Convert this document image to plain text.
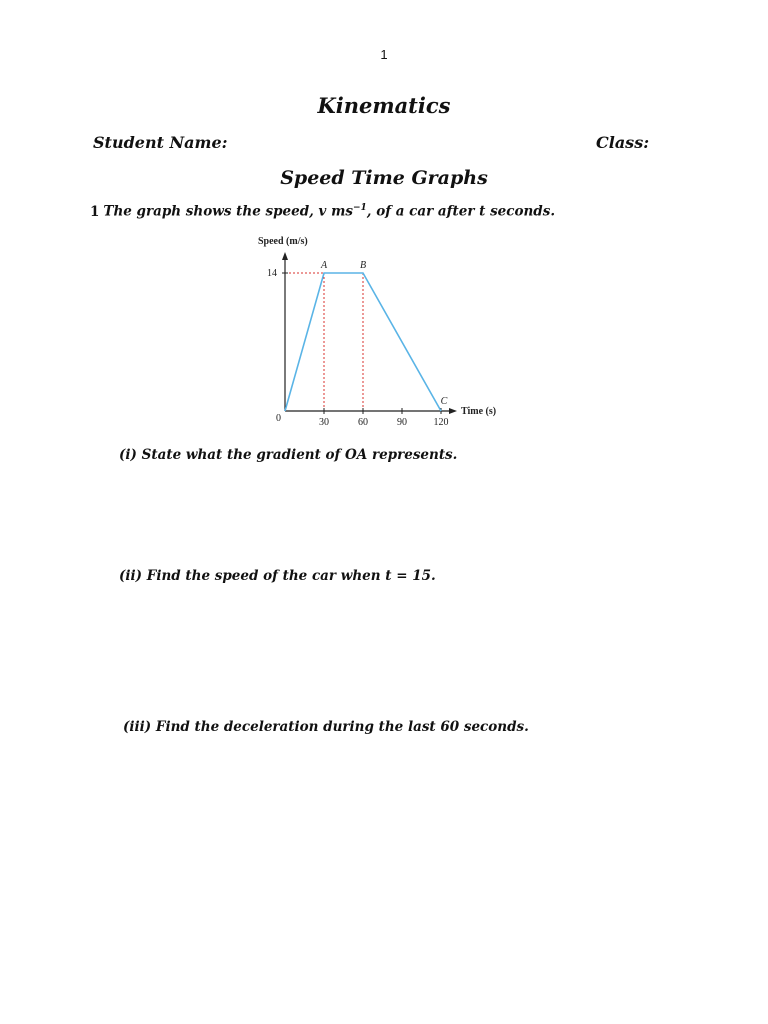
1
Kinematics
Student Name:	Class:
Speed Time Graphs
1 The graph shows the speed, v $ms^{-1}$, of a car after t seconds.
30	60	90	120
14
0
A	B
C
Speed (m/s)
Time (s)
(i) State what the gradient of OA represents.
(ii) Find the speed of the car when t = 15.
(iii) Find the deceleration during the last 60 seconds.
